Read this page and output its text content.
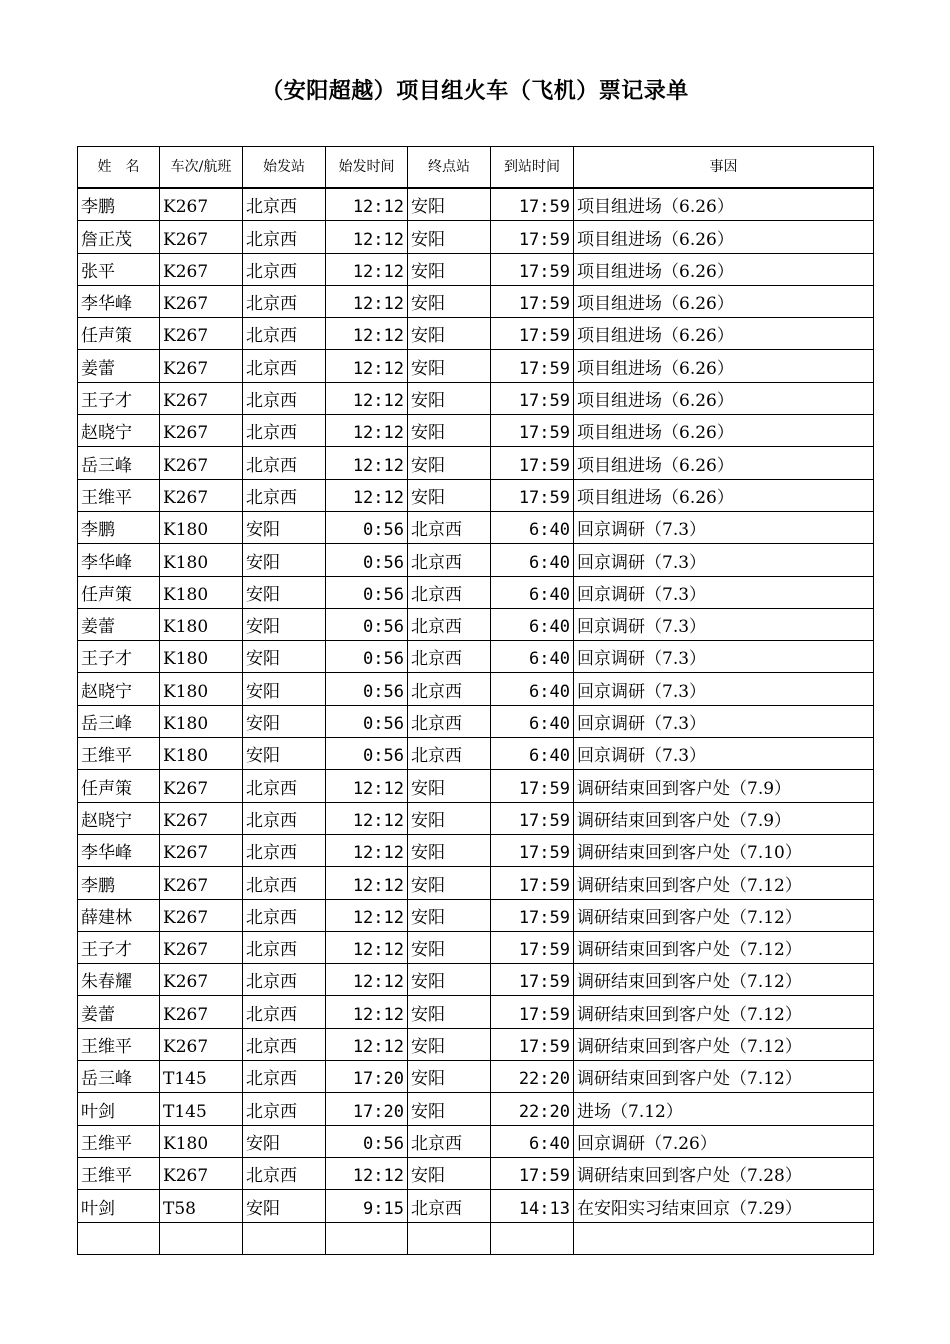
（安阳超越）项目组火车（飞机）票记录单
姓　名	车次/航班	始发站	始发时间	终点站	到站时间	事因
李鹏	K267	北京西	12:12	安阳	17:59	项目组进场（6.26）
詹正茂	K267	北京西	12:12	安阳	17:59	项目组进场（6.26）
张平	K267	北京西	12:12	安阳	17:59	项目组进场（6.26）
李华峰	K267	北京西	12:12	安阳	17:59	项目组进场（6.26）
任声策	K267	北京西	12:12	安阳	17:59	项目组进场（6.26）
姜蕾	K267	北京西	12:12	安阳	17:59	项目组进场（6.26）
王子才	K267	北京西	12:12	安阳	17:59	项目组进场（6.26）
赵晓宁	K267	北京西	12:12	安阳	17:59	项目组进场（6.26）
岳三峰	K267	北京西	12:12	安阳	17:59	项目组进场（6.26）
王维平	K267	北京西	12:12	安阳	17:59	项目组进场（6.26）
李鹏	K180	安阳	0:56	北京西	6:40	回京调研（7.3）
李华峰	K180	安阳	0:56	北京西	6:40	回京调研（7.3）
任声策	K180	安阳	0:56	北京西	6:40	回京调研（7.3）
姜蕾	K180	安阳	0:56	北京西	6:40	回京调研（7.3）
王子才	K180	安阳	0:56	北京西	6:40	回京调研（7.3）
赵晓宁	K180	安阳	0:56	北京西	6:40	回京调研（7.3）
岳三峰	K180	安阳	0:56	北京西	6:40	回京调研（7.3）
王维平	K180	安阳	0:56	北京西	6:40	回京调研（7.3）
任声策	K267	北京西	12:12	安阳	17:59	调研结束回到客户处（7.9）
赵晓宁	K267	北京西	12:12	安阳	17:59	调研结束回到客户处（7.9）
李华峰	K267	北京西	12:12	安阳	17:59	调研结束回到客户处（7.10）
李鹏	K267	北京西	12:12	安阳	17:59	调研结束回到客户处（7.12）
薛建林	K267	北京西	12:12	安阳	17:59	调研结束回到客户处（7.12）
王子才	K267	北京西	12:12	安阳	17:59	调研结束回到客户处（7.12）
朱春耀	K267	北京西	12:12	安阳	17:59	调研结束回到客户处（7.12）
姜蕾	K267	北京西	12:12	安阳	17:59	调研结束回到客户处（7.12）
王维平	K267	北京西	12:12	安阳	17:59	调研结束回到客户处（7.12）
岳三峰	T145	北京西	17:20	安阳	22:20	调研结束回到客户处（7.12）
叶剑	T145	北京西	17:20	安阳	22:20	进场（7.12）
王维平	K180	安阳	0:56	北京西	6:40	回京调研（7.26）
王维平	K267	北京西	12:12	安阳	17:59	调研结束回到客户处（7.28）
叶剑	T58	安阳	9:15	北京西	14:13	在安阳实习结束回京（7.29）
